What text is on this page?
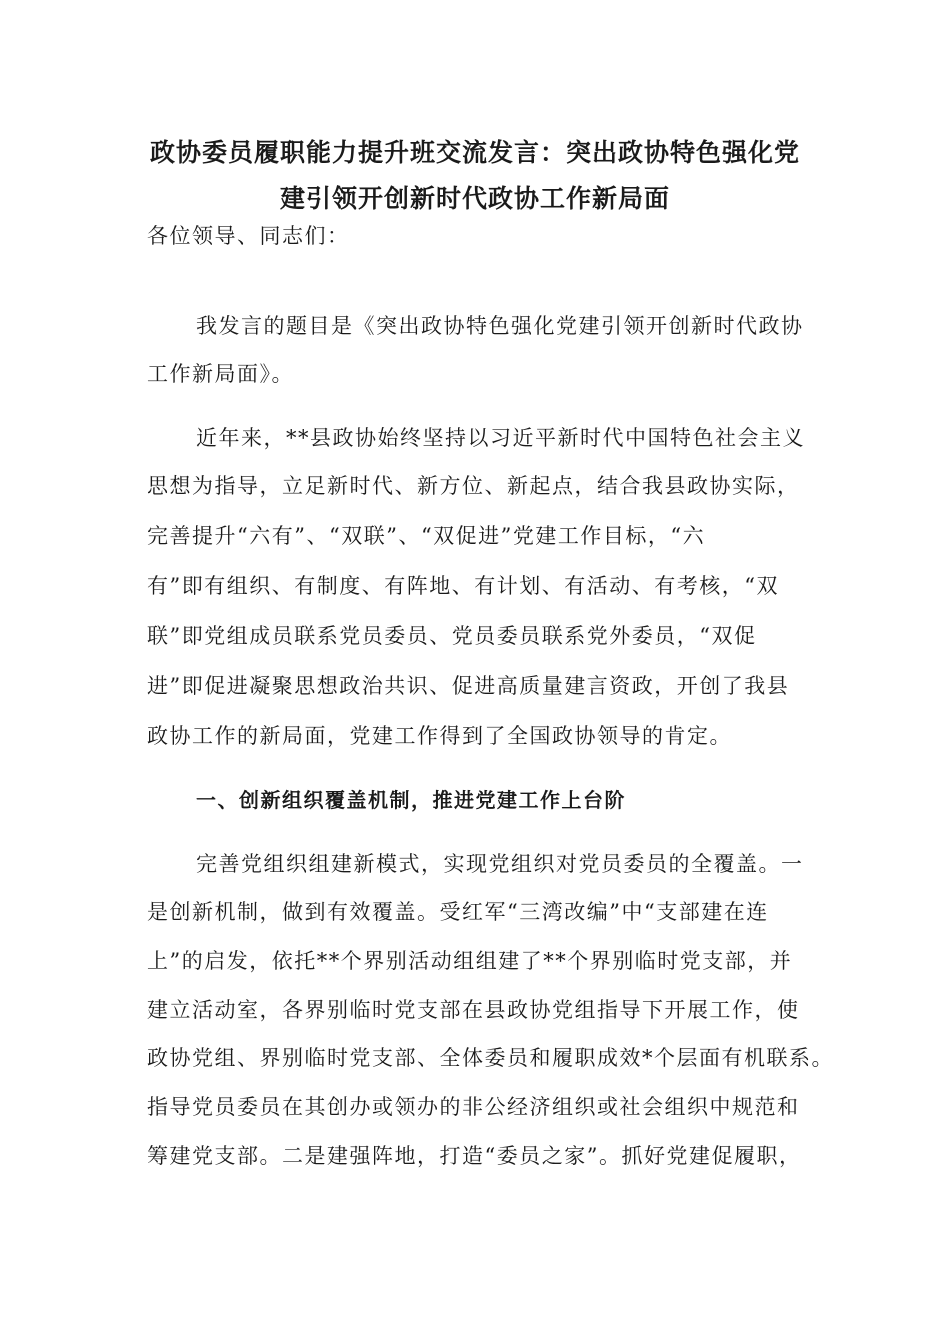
政协委员履职能力提升班交流发言：突出政协特色强化党
建引领开创新时代政协工作新局面
各位领导、同志们：
我发言的题目是《突出政协特色强化党建引领开创新时代政协
工作新局面》。
近年来，**县政协始终坚持以习近平新时代中国特色社会主义
思想为指导，立足新时代、新方位、新起点，结合我县政协实际，
完善提升“六有”、“双联”、“双促进”党建工作目标，“六
有”即有组织、有制度、有阵地、有计划、有活动、有考核，“双
联”即党组成员联系党员委员、党员委员联系党外委员，“双促
进”即促进凝聚思想政治共识、促进高质量建言资政，开创了我县
政协工作的新局面，党建工作得到了全国政协领导的肯定。
一、创新组织覆盖机制，推进党建工作上台阶
完善党组织组建新模式，实现党组织对党员委员的全覆盖。一
是创新机制，做到有效覆盖。受红军“三湾改编”中“支部建在连
上”的启发，依托**个界别活动组组建了**个界别临时党支部，并
建立活动室，各界别临时党支部在县政协党组指导下开展工作，使
政协党组、界别临时党支部、全体委员和履职成效*个层面有机联系。
指导党员委员在其创办或领办的非公经济组织或社会组织中规范和
筹建党支部。二是建强阵地，打造“委员之家”。抓好党建促履职，
